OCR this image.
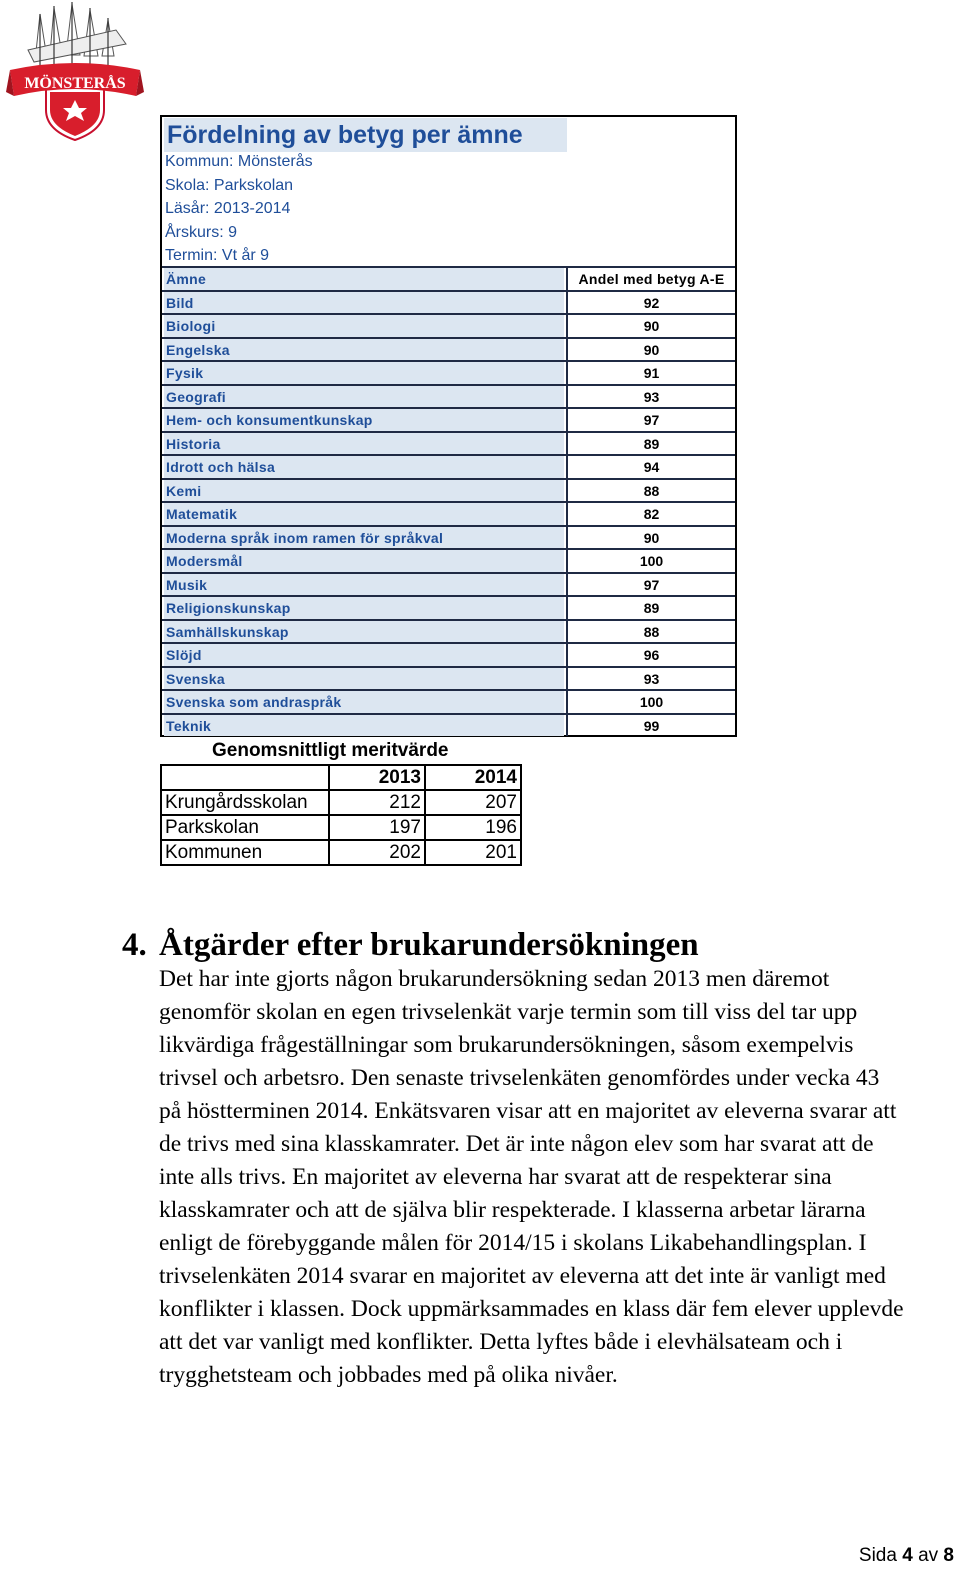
MÖNSTERÅS
Fördelning av betyg per ämne
Kommun: Mönsterås
Skola: Parkskolan
Läsår: 2013-2014
Årskurs: 9
Termin: Vt år 9
Ämne	Andel med betyg A-E
Bild	92
Biologi	90
Engelska	90
Fysik	91
Geografi	93
Hem- och konsumentkunskap	97
Historia	89
Idrott och hälsa	94
Kemi	88
Matematik	82
Moderna språk inom ramen för språkval	90
Modersmål	100
Musik	97
Religionskunskap	89
Samhällskunskap	88
Slöjd	96
Svenska	93
Svenska som andraspråk	100
Teknik	99
Genomsnittligt meritvärde
	2013	2014
Krungårdsskolan	212	207
Parkskolan	197	196
Kommunen	202	201
4. Åtgärder efter brukarundersökningen

Det har inte gjorts någon brukarundersökning sedan 2013 men däremot

genomför skolan en egen trivselenkät varje termin som till viss del tar upp

likvärdiga frågeställningar som brukarundersökningen, såsom exempelvis

trivsel och arbetsro. Den senaste trivselenkäten genomfördes under vecka 43

på höstterminen 2014. Enkätsvaren visar att en majoritet av eleverna svarar att

de trivs med sina klasskamrater. Det är inte någon elev som har svarat att de

inte alls trivs. En majoritet av eleverna har svarat att de respekterar sina

klasskamrater och att de själva blir respekterade. I klasserna arbetar lärarna

enligt de förebyggande målen för 2014/15 i skolans Likabehandlingsplan. I

trivselenkäten 2014 svarar en majoritet av eleverna att det inte är vanligt med

konflikter i klassen. Dock uppmärksammades en klass där fem elever upplevde

att det var vanligt med konflikter. Detta lyftes både i elevhälsateam och i

trygghetsteam och jobbades med på olika nivåer.

Sida 4 av 8
